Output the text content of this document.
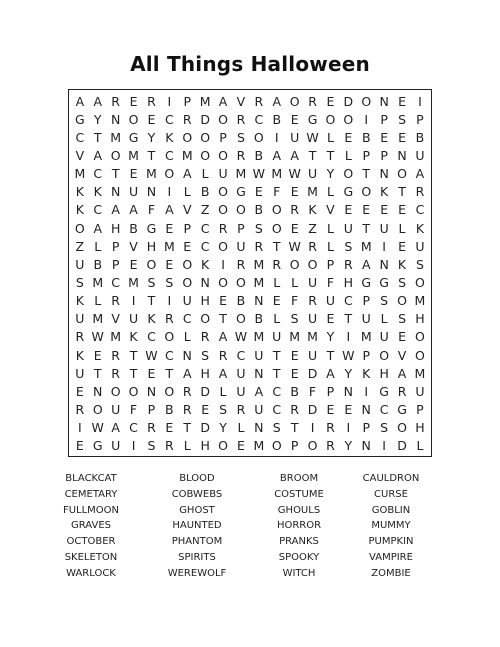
All Things Halloween
A A R E R I P M A V R A O R E D O N E I
G Y N O E C R D O R C B E G O O I P S P
C T M G Y K O O P S O I U W L E B E E B
V A O M T C M O O R B A A T T L P P N U
M C T E M O A L U M W M W U Y O T N O A
K K N U N I	L B O G E F E M L G O K T R
K C A A F A V Z O O B O R K V E E E E C
O A H B G E P C R P S O E Z L U T U L K
Z L P V H M E C O U R T W R L S M I E U
U B P E O E O K I R M R O O P R A N K S
S M C M S S O N O O M L L U F H G G S O
K L R I T I U H E B N E F R U C P S O M
U M V U K R C O T O B L S U E T U L S H
R W M K C O L R A W M U M M Y I M U E O
K E R T W C N S R C U T E U T W P O V O
U T R T E T A H A U N T E D A Y K H A M
E N O O N O R D L U A C B F P N I G R U
R O U F P B R E S R U C R D E E N C G P
I W A C R E T D Y L N S T I R I P S O H
E G U I S R L H O E M O P O R Y N I D L
BLACKCAT	BLOOD	BROOM	CAULDRON
CEMETARY	COBWEBS	COSTUME	CURSE
FULLMOON	GHOST	GHOULS	GOBLIN
GRAVES	HAUNTED	HORROR	MUMMY
OCTOBER	PHANTOM	PRANKS	PUMPKIN
SKELETON	SPIRITS	SPOOKY	VAMPIRE
WARLOCK	WEREWOLF	WITCH	ZOMBIE
